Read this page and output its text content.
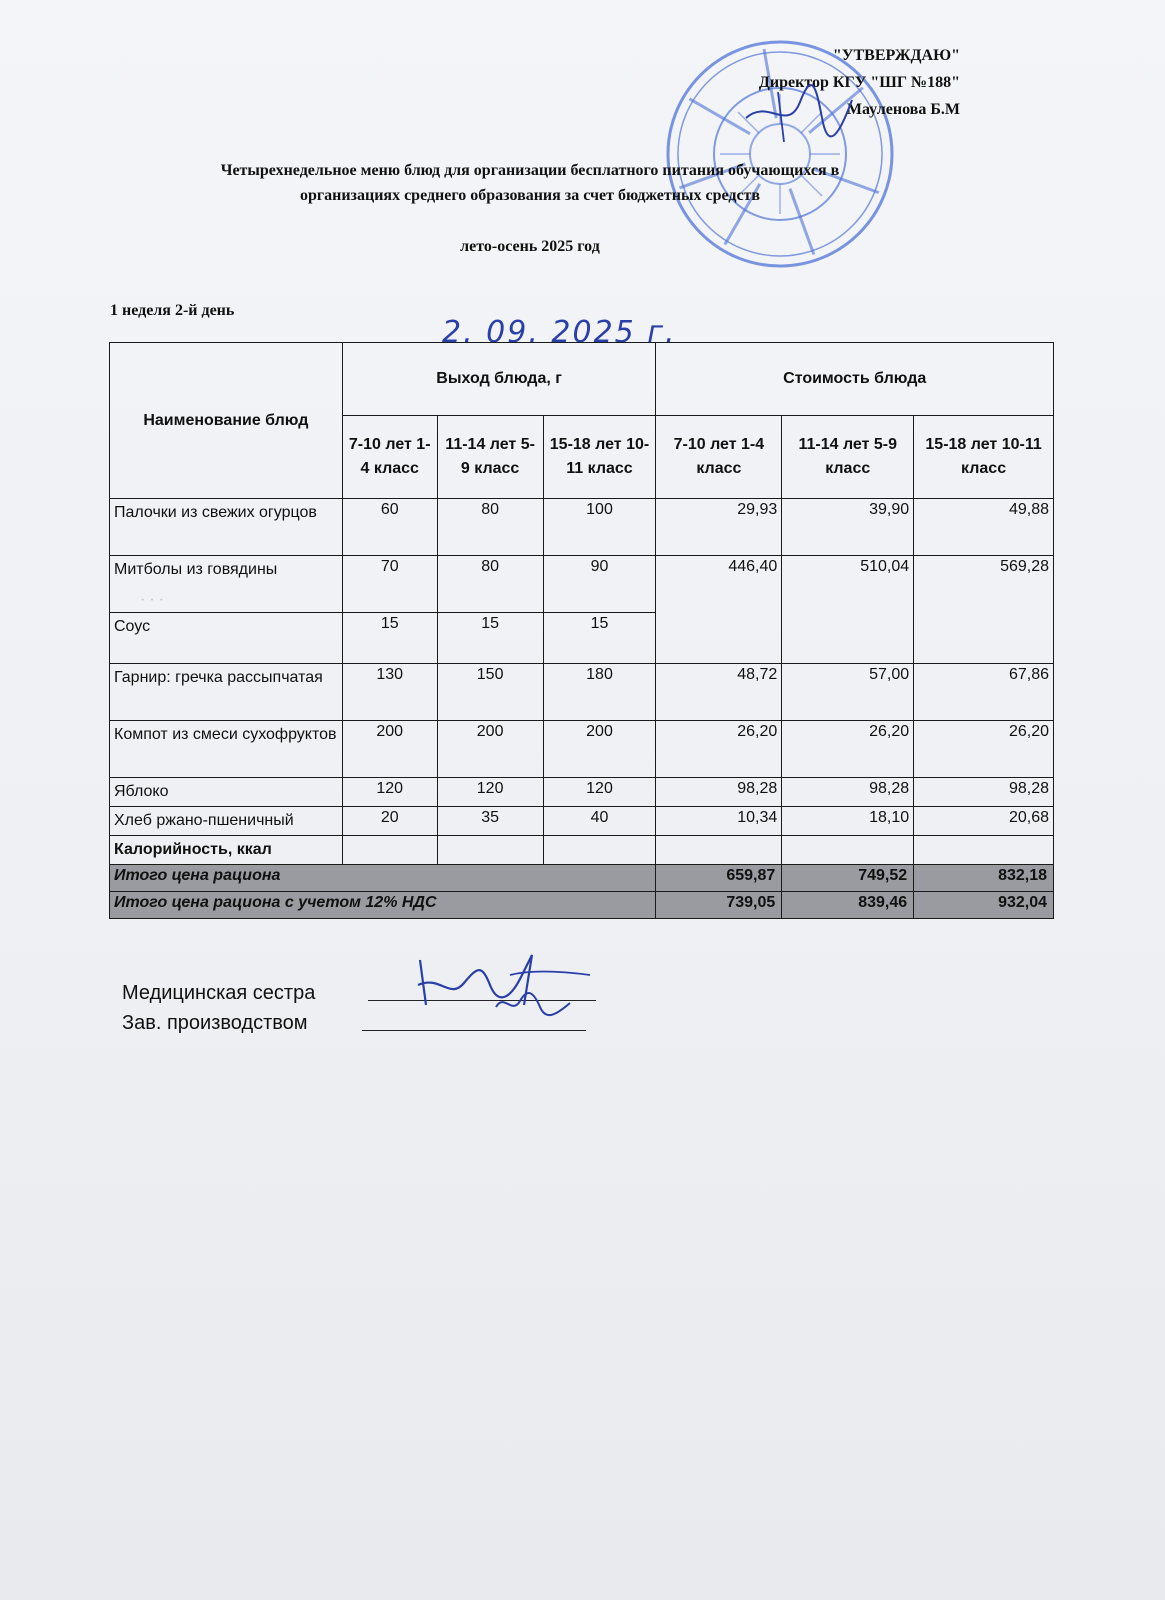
· · ·
"УТВЕРЖДАЮ"
Директор КГУ "ШГ №188"
Мауленова Б.М
Четырехнедельное меню блюд для организации бесплатного питания обучающихся в
организациях среднего образования за счет бюджетных средств
лето-осень 2025 год
1 неделя 2-й день
2. 09. 2025 г.
Наименование блюд	Выход блюда, г			Стоимость блюда		
	7-10 лет 1-4 класс	11-14 лет 5-9 класс	15-18 лет 10-11 класс	7-10 лет 1-4 класс	11-14 лет 5-9 класс	15-18 лет 10-11 класс
Палочки из свежих огурцов	60	80	100	29,93	39,90	49,88
Митболы из говядины	70	80	90	446,40	510,04	569,28
Соус	15	15	15			
Гарнир: гречка рассыпчатая	130	150	180	48,72	57,00	67,86
Компот из смеси сухофруктов	200	200	200	26,20	26,20	26,20
Яблоко	120	120	120	98,28	98,28	98,28
Хлеб ржано-пшеничный	20	35	40	10,34	18,10	20,68
Калорийность, ккал						
Итого цена рациона				659,87	749,52	832,18
Итого цена рациона с учетом 12% НДС				739,05	839,46	932,04
Медицинская сестра
Зав. производством
